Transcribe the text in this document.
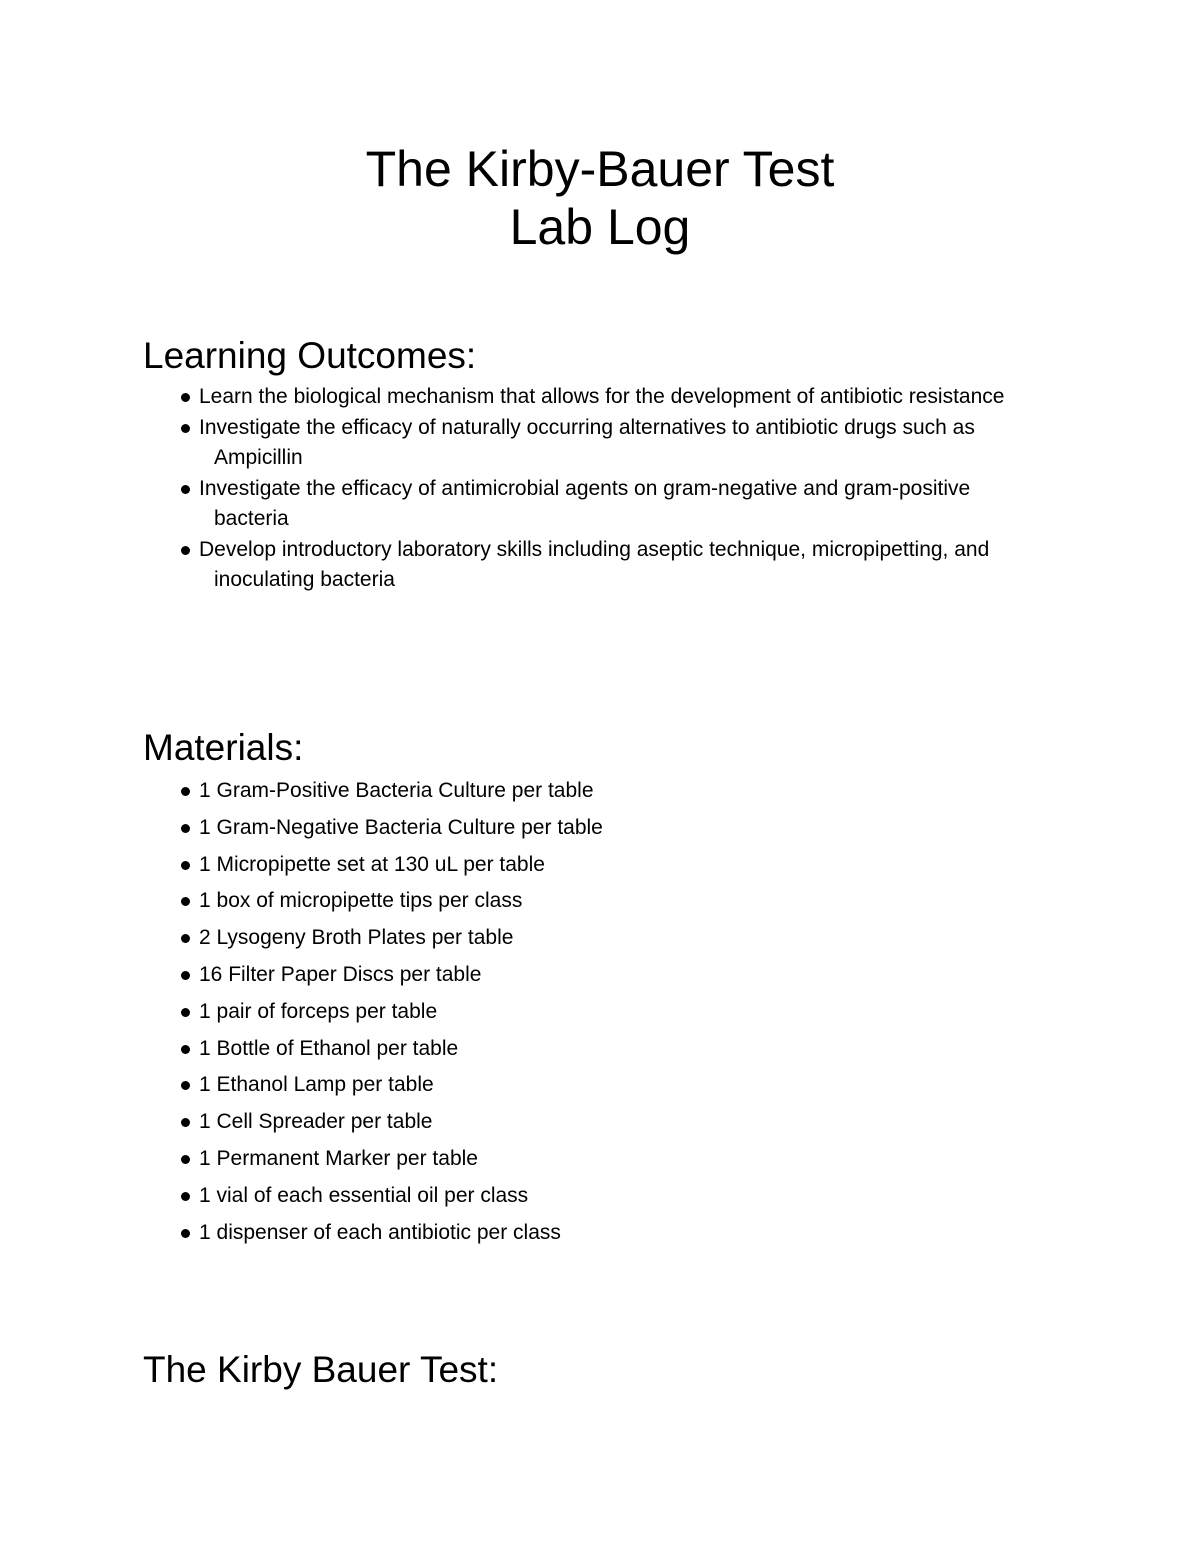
The Kirby-Bauer Test
Lab Log
Learning Outcomes:
Learn the biological mechanism that allows for the development of antibiotic resistance
Investigate the efficacy of naturally occurring alternatives to antibiotic drugs such as Ampicillin
Investigate the efficacy of antimicrobial agents on gram-negative and gram-positive bacteria
Develop introductory laboratory skills including aseptic technique, micropipetting, and inoculating bacteria
Materials:
1 Gram-Positive Bacteria Culture per table
1 Gram-Negative Bacteria Culture per table
1 Micropipette set at 130 uL per table
1 box of micropipette tips per class
2 Lysogeny Broth Plates per table
16 Filter Paper Discs per table
1 pair of forceps per table
1 Bottle of Ethanol per table
1 Ethanol Lamp per table
1 Cell Spreader per table
1 Permanent Marker per table
1 vial of each essential oil per class
1 dispenser of each antibiotic per class
The Kirby Bauer Test:
